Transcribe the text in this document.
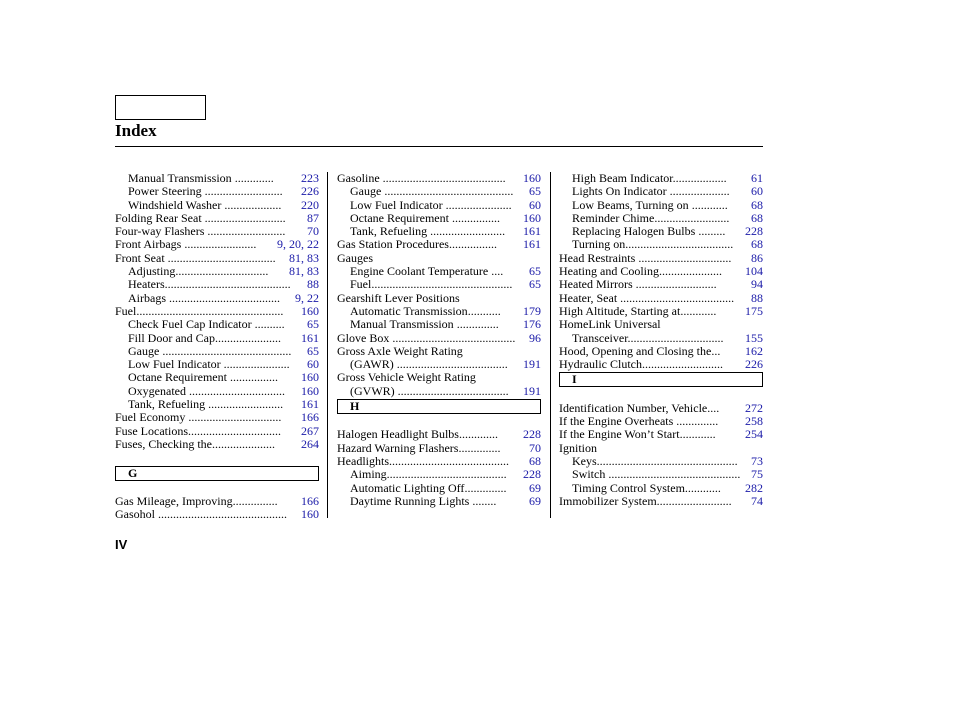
Index
Manual Transmission ............. 223
Power Steering .......................... 226
Windshield Washer ................... 220
Folding Rear Seat ........................... 87
Four-way Flashers .......................... 70
Front Airbags ........................ 9, 20, 22
Front Seat .................................... 81, 83
Adjusting............................... 81, 83
Heaters.......................................... 88
Airbags ..................................... 9, 22
Fuel................................................. 160
Check Fuel Cap Indicator .......... 65
Fill Door and Cap...................... 161
Gauge ........................................... 65
Low Fuel Indicator ...................... 60
Octane Requirement ................ 160
Oxygenated ................................ 160
Tank, Refueling ......................... 161
Fuel Economy ............................... 166
Fuse Locations............................... 267
Fuses, Checking the..................... 264
G
Gas Mileage, Improving............... 166
Gasohol ........................................... 160
Gasoline ......................................... 160
Gauge ........................................... 65
Low Fuel Indicator ...................... 60
Octane Requirement ................ 160
Tank, Refueling ......................... 161
Gas Station Procedures................ 161
Gauges
Engine Coolant Temperature .... 65
Fuel............................................... 65
Gearshift Lever Positions
Automatic Transmission........... 179
Manual Transmission .............. 176
Glove Box ......................................... 96
Gross Axle Weight Rating
(GAWR) ..................................... 191
Gross Vehicle Weight Rating
(GVWR) ..................................... 191
H
Halogen Headlight Bulbs............. 228
Hazard Warning Flashers.............. 70
Headlights........................................ 68
Aiming........................................ 228
Automatic Lighting Off.............. 69
Daytime Running Lights ........	69
High Beam Indicator.................. 61
Lights On Indicator .................... 60
Low Beams, Turning on ............ 68
Reminder Chime......................... 68
Replacing Halogen Bulbs ......... 228
Turning on.................................... 68
Head Restraints ............................... 86
Heating and Cooling..................... 104
Heated Mirrors ...........................	94
Heater, Seat ...................................... 88
High Altitude, Starting at............ 175
HomeLink Universal
Transceiver................................ 155
Hood, Opening and Closing the... 162
Hydraulic Clutch........................... 226
I
Identification Number, Vehicle.... 272
If the Engine Overheats .............. 258
If the Engine Won’t Start............ 254
Ignition
Keys............................................... 73
Switch ............................................ 75
Timing Control System............ 282
Immobilizer System......................... 74
IV
